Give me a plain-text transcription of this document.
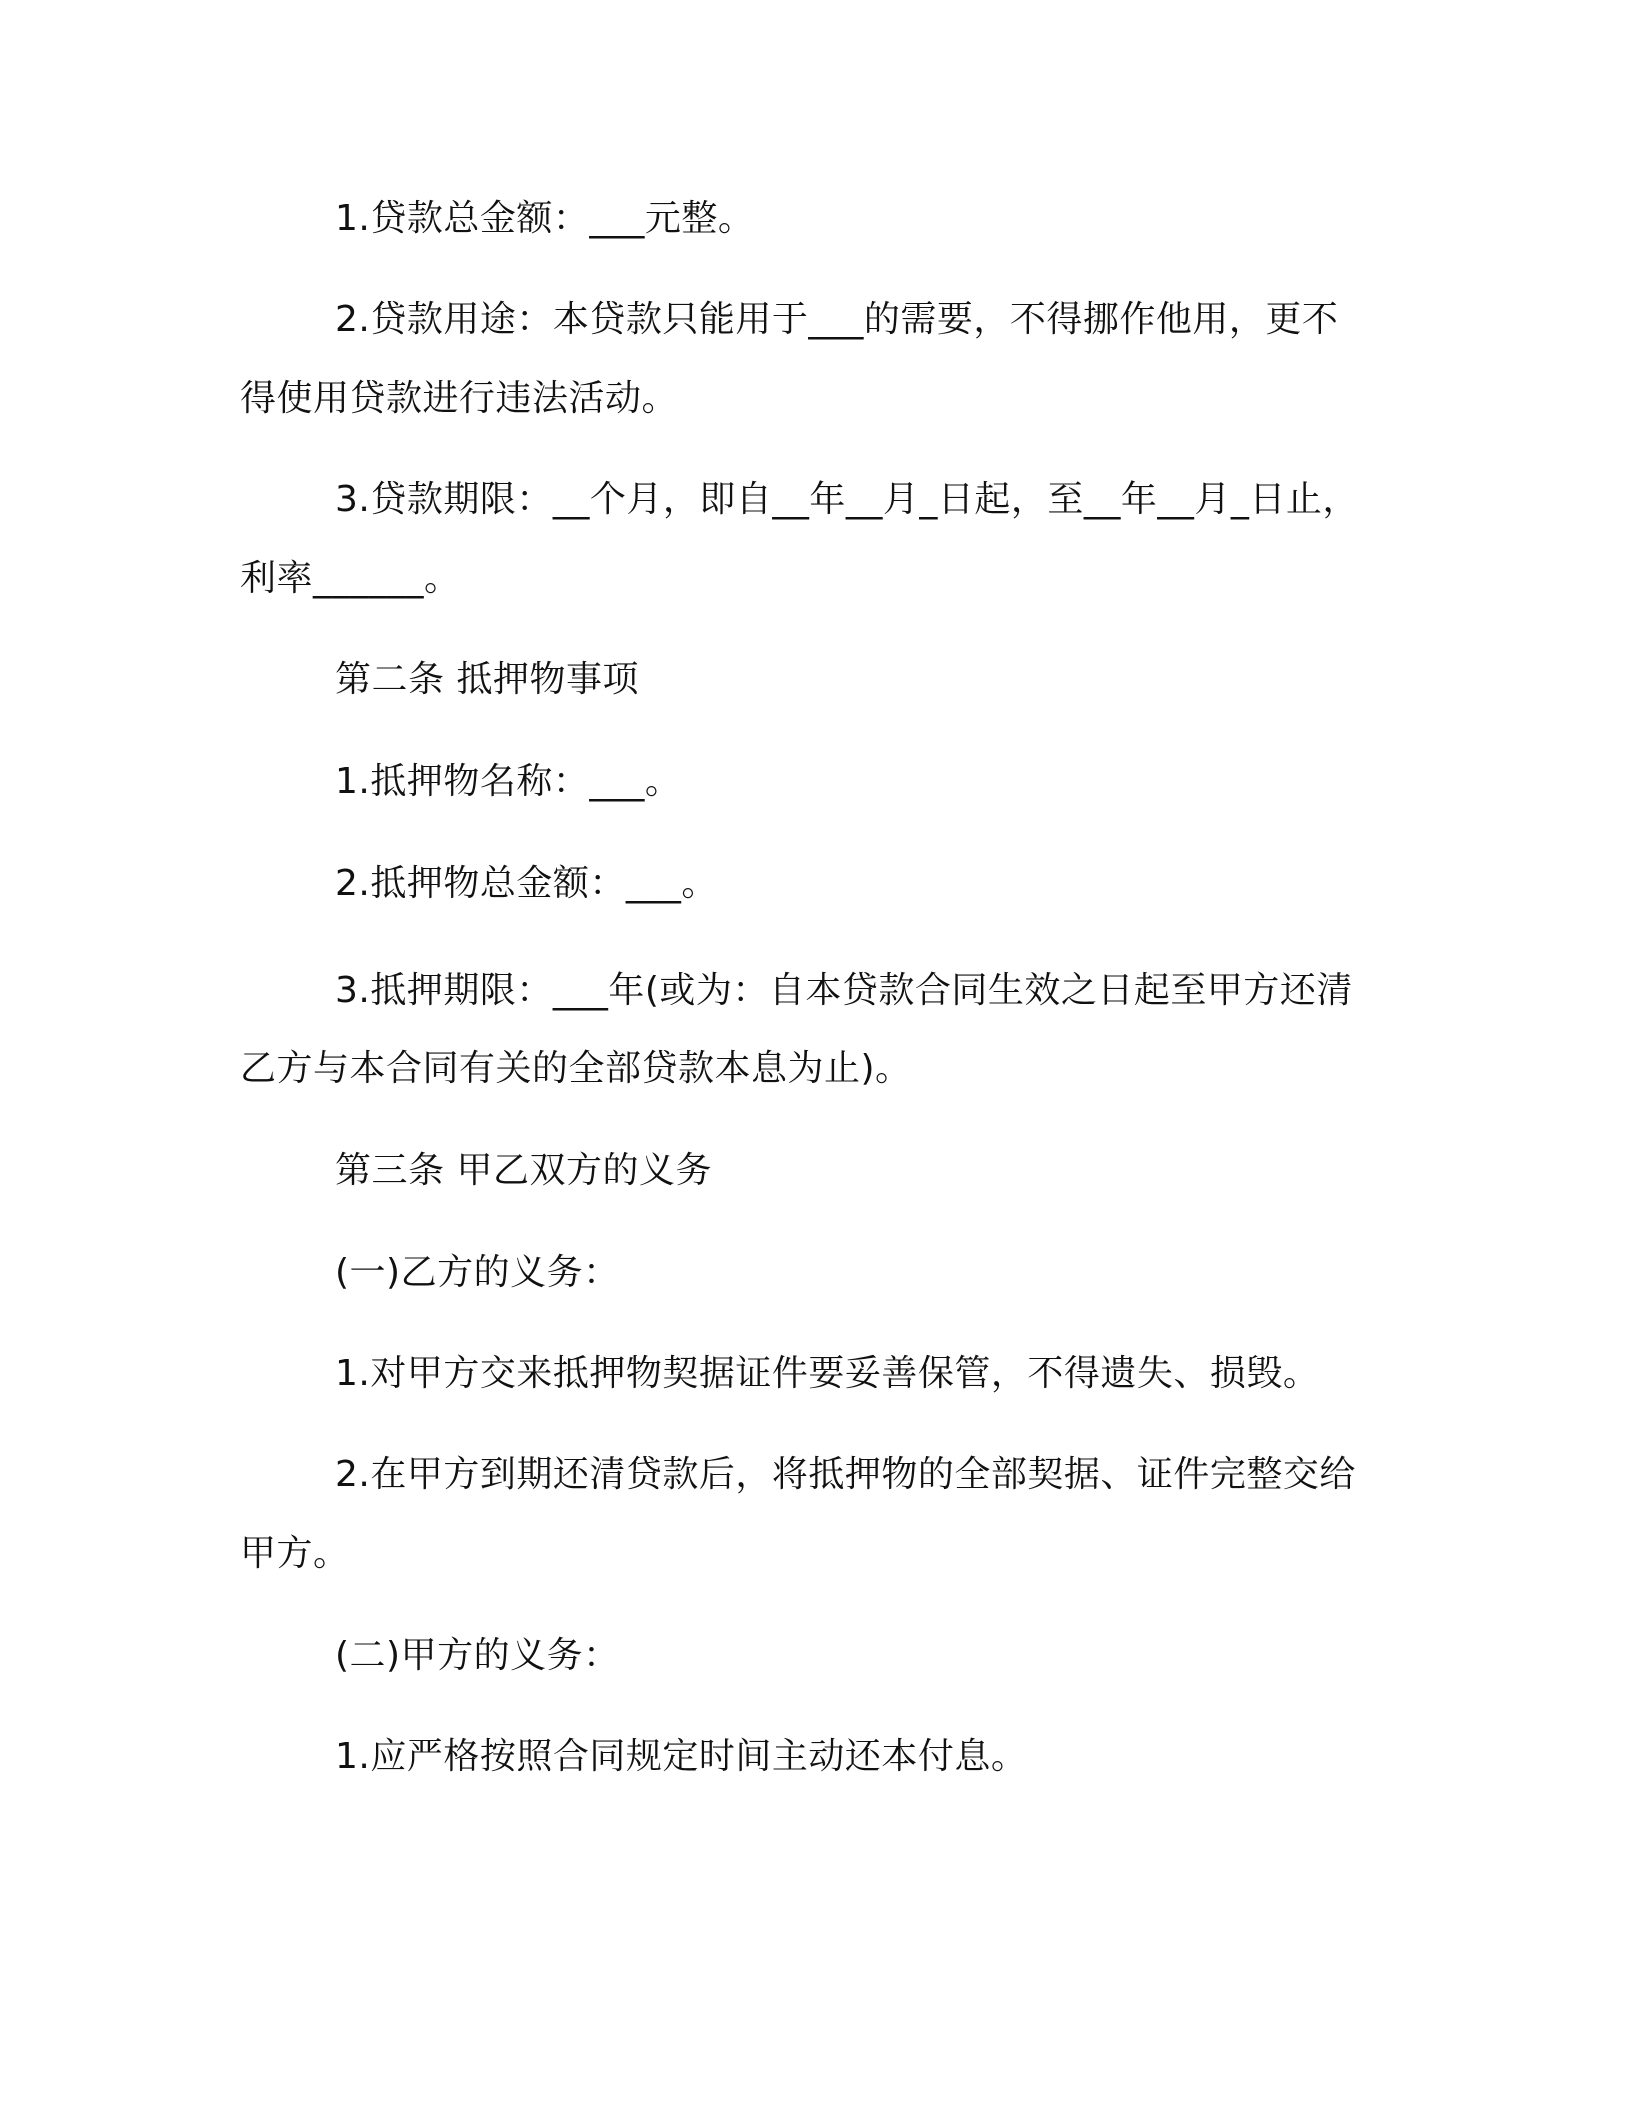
1.贷款总金额：___元整。
2.贷款用途：本贷款只能用于___的需要，不得挪作他用，更不
得使用贷款进行违法活动。
3.贷款期限：__个月，即自__年__月_日起，至__年__月_日止，
利率______。
第二条 抵押物事项
1.抵押物名称：___。
2.抵押物总金额：___。
3.抵押期限：___年(或为：自本贷款合同生效之日起至甲方还清
乙方与本合同有关的全部贷款本息为止)。
第三条 甲乙双方的义务
(一)乙方的义务：
1.对甲方交来抵押物契据证件要妥善保管，不得遗失、损毁。
2.在甲方到期还清贷款后，将抵押物的全部契据、证件完整交给
甲方。
(二)甲方的义务：
1.应严格按照合同规定时间主动还本付息。
